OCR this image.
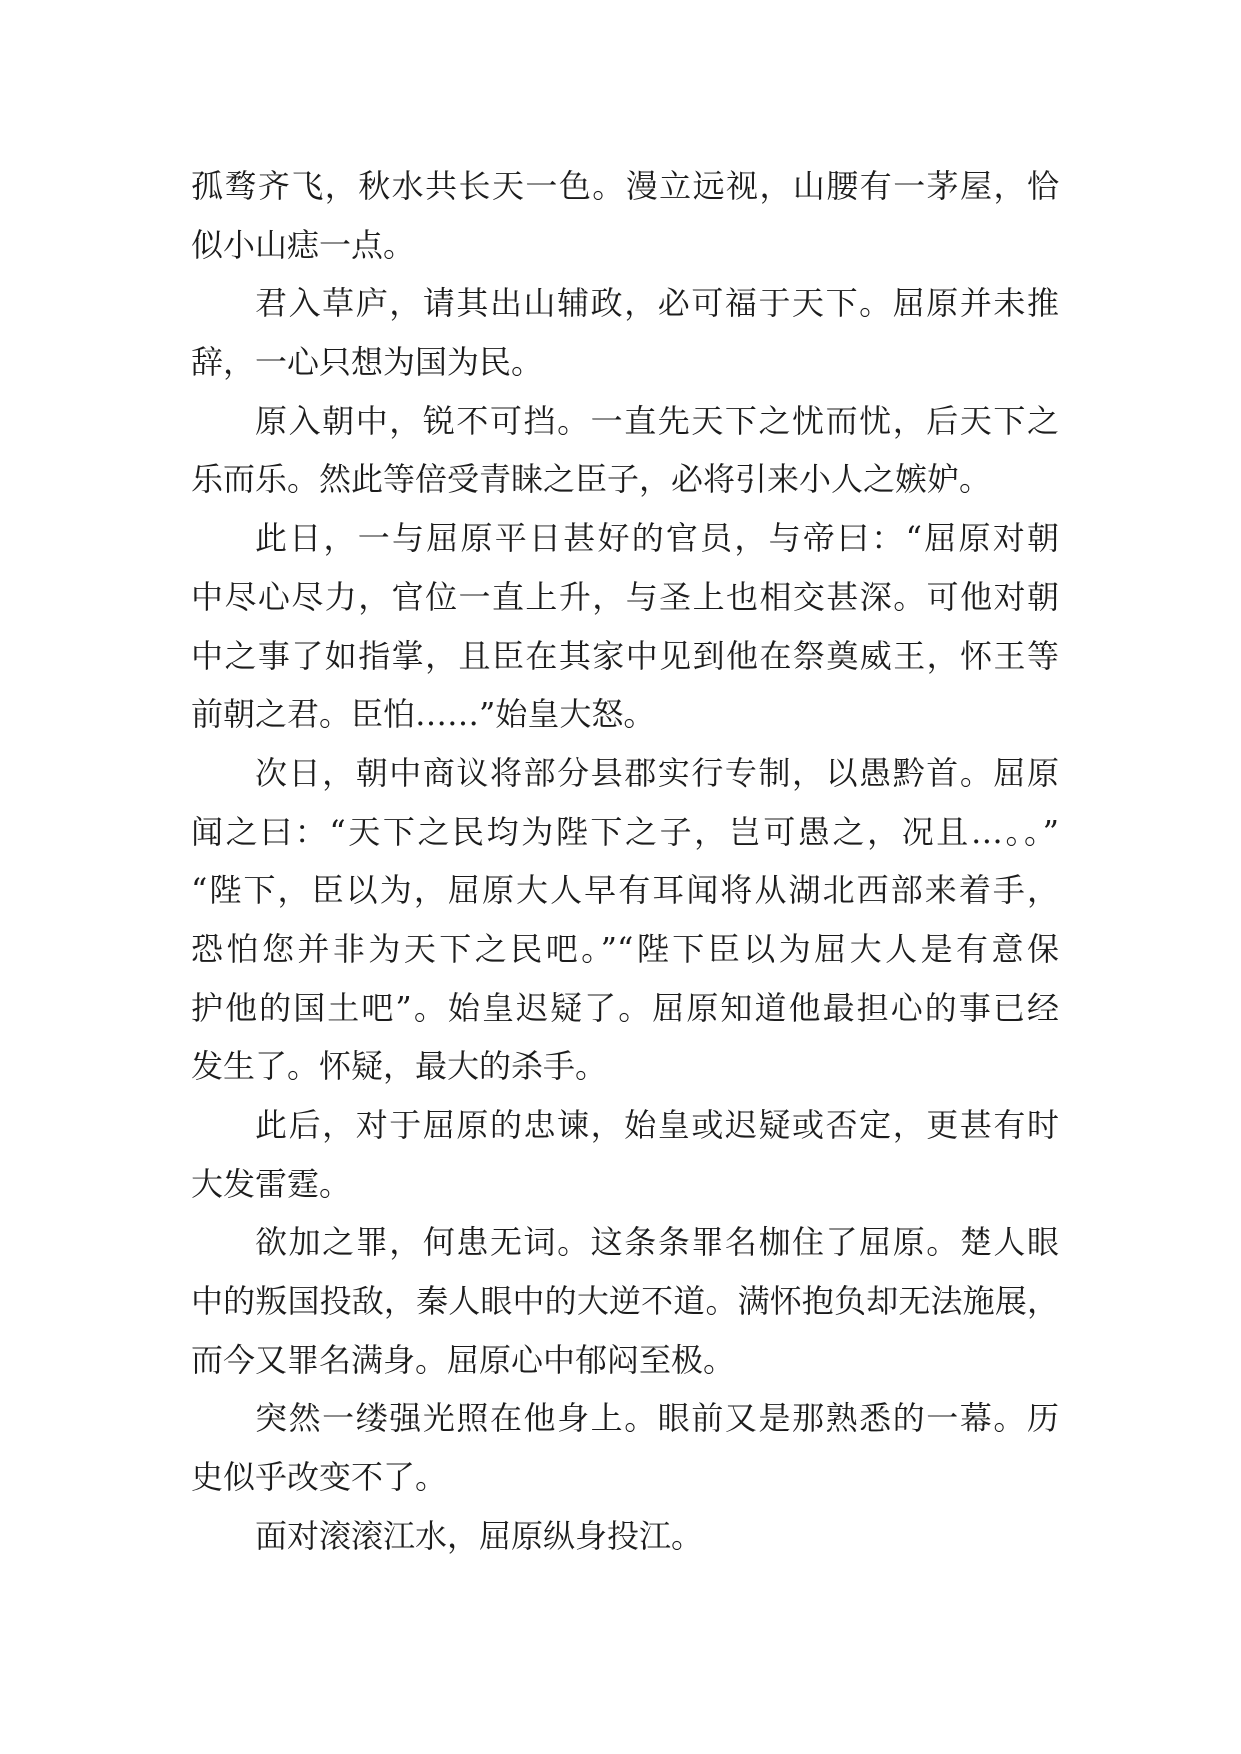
孤骛齐飞，秋水共长天一色。漫立远视，山腰有一茅屋，恰
似小山痣一点。
君入草庐，请其出山辅政，必可福于天下。屈原并未推
辞，一心只想为国为民。
原入朝中，锐不可挡。一直先天下之忧而忧，后天下之
乐而乐。然此等倍受青睐之臣子，必将引来小人之嫉妒。
此日，一与屈原平日甚好的官员，与帝曰：“屈原对朝
中尽心尽力，官位一直上升，与圣上也相交甚深。可他对朝
中之事了如指掌，且臣在其家中见到他在祭奠威王，怀王等
前朝之君。臣怕……”始皇大怒。
次日，朝中商议将部分县郡实行专制，以愚黔首。屈原
闻之曰：“天下之民均为陛下之子，岂可愚之，况且…。。”
“陛下，臣以为，屈原大人早有耳闻将从湖北西部来着手，
恐怕您并非为天下之民吧。”“陛下臣以为屈大人是有意保
护他的国土吧”。始皇迟疑了。屈原知道他最担心的事已经
发生了。怀疑，最大的杀手。
此后，对于屈原的忠谏，始皇或迟疑或否定，更甚有时
大发雷霆。
欲加之罪，何患无词。这条条罪名枷住了屈原。楚人眼
中的叛国投敌，秦人眼中的大逆不道。满怀抱负却无法施展，
而今又罪名满身。屈原心中郁闷至极。
突然一缕强光照在他身上。眼前又是那熟悉的一幕。历
史似乎改变不了。
面对滚滚江水，屈原纵身投江。
